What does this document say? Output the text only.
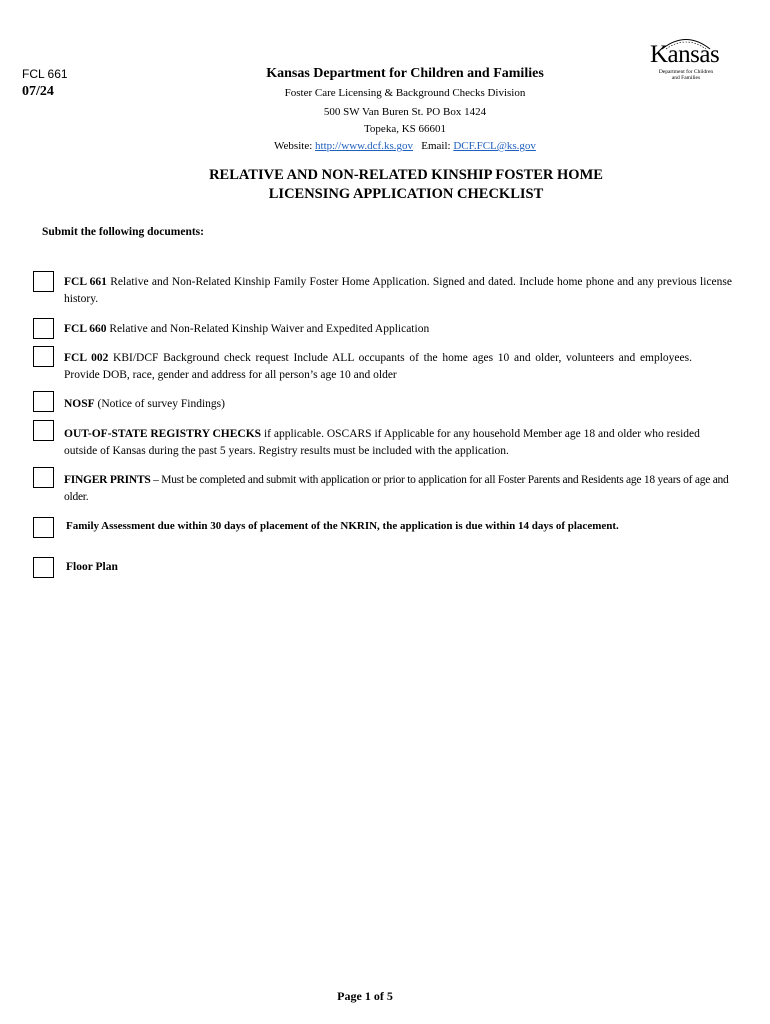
FCL 661
07/24
Kansas Department for Children and Families
Foster Care Licensing & Background Checks Division
500 SW Van Buren St. PO Box 1424
Topeka, KS 66601
Website: http://www.dcf.ks.gov Email: DCF.FCL@ks.gov
Kansas
Department for Children
and Families
RELATIVE AND NON-RELATED KINSHIP FOSTER HOME
LICENSING APPLICATION CHECKLIST
Submit the following documents:
FCL 661 Relative and Non-Related Kinship Family Foster Home Application. Signed and dated. Include home phone and any previous license history.
FCL 660 Relative and Non-Related Kinship Waiver and Expedited Application
FCL 002 KBI/DCF Background check request Include ALL occupants of the home ages 10 and older, volunteers and employees. Provide DOB, race, gender and address for all person’s age 10 and older
NOSF (Notice of survey Findings)
OUT-OF-STATE REGISTRY CHECKS if applicable. OSCARS if Applicable for any household Member age 18 and older who resided outside of Kansas during the past 5 years. Registry results must be included with the application.
FINGER PRINTS – Must be completed and submit with application or prior to application for all Foster Parents and Residents age 18 years of age and older.
Family Assessment due within 30 days of placement of the NKRIN, the application is due within 14 days of placement.
Floor Plan
Page 1 of 5
